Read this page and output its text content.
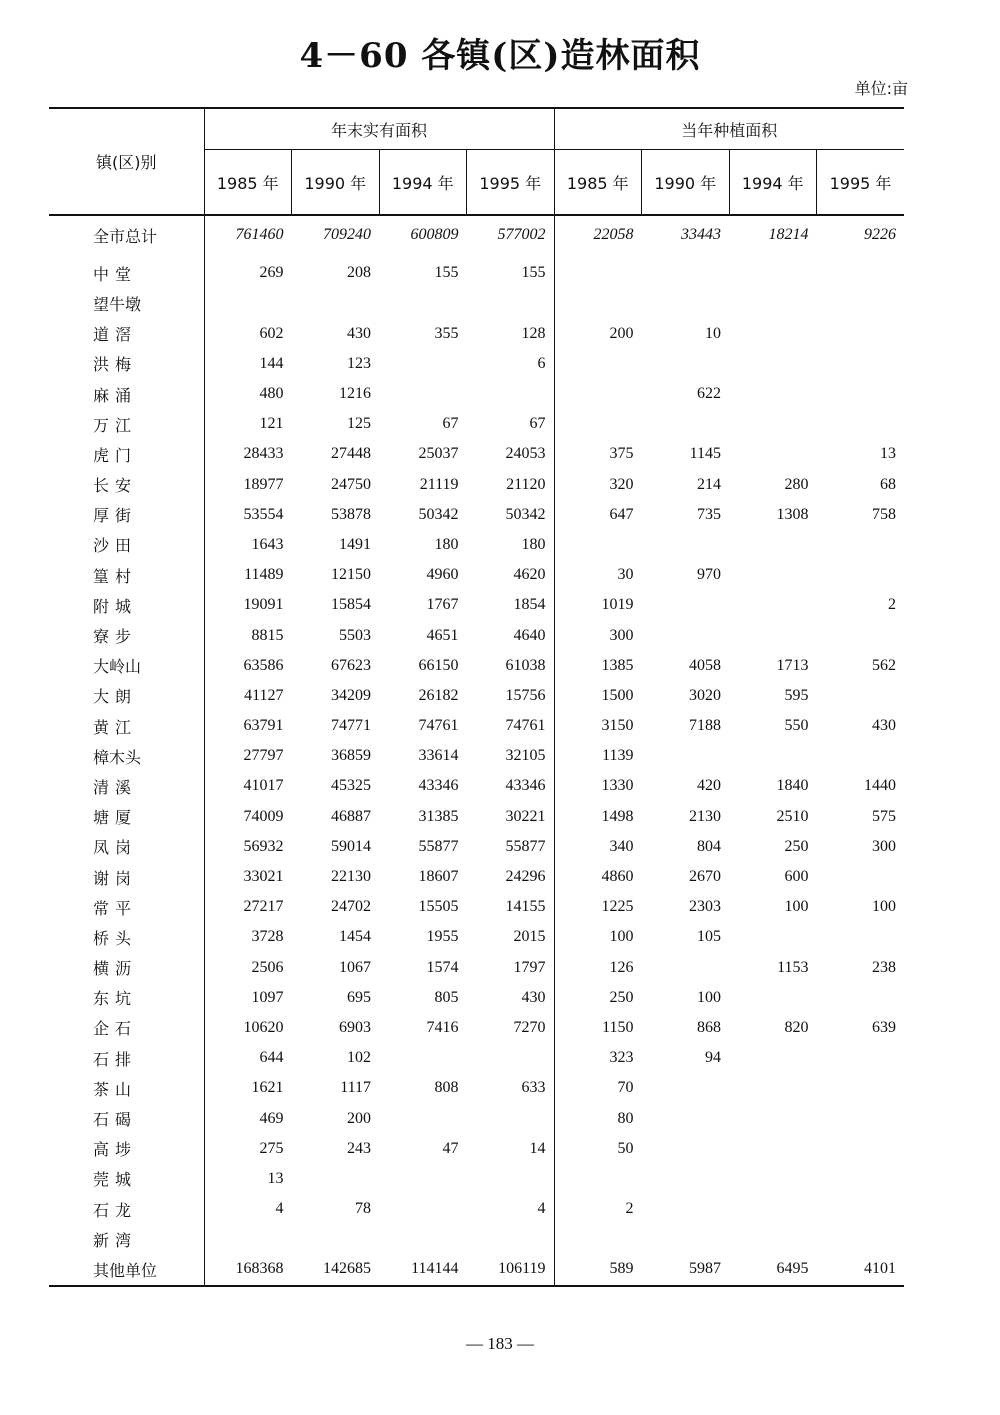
4－60 各镇(区)造林面积
单位:亩
镇(区)别	年末实有面积				当年种植面积			
	1985 年	1990 年	1994 年	1995 年	1985 年	1990 年	1994 年	1995 年
全市总计	761460	709240	600809	577002	22058	33443	18214	9226
中堂	269	208	155	155				
望牛墩								
道滘	602	430	355	128	200	10		
洪梅	144	123		6				
麻涌	480	1216				622		
万江	121	125	67	67				
虎门	28433	27448	25037	24053	375	1145		13
长安	18977	24750	21119	21120	320	214	280	68
厚街	53554	53878	50342	50342	647	735	1308	758
沙田	1643	1491	180	180				
篁村	11489	12150	4960	4620	30	970		
附城	19091	15854	1767	1854	1019			2
寮步	8815	5503	4651	4640	300			
大岭山	63586	67623	66150	61038	1385	4058	1713	562
大朗	41127	34209	26182	15756	1500	3020	595	
黄江	63791	74771	74761	74761	3150	7188	550	430
樟木头	27797	36859	33614	32105	1139			
清溪	41017	45325	43346	43346	1330	420	1840	1440
塘厦	74009	46887	31385	30221	1498	2130	2510	575
凤岗	56932	59014	55877	55877	340	804	250	300
谢岗	33021	22130	18607	24296	4860	2670	600	
常平	27217	24702	15505	14155	1225	2303	100	100
桥头	3728	1454	1955	2015	100	105		
横沥	2506	1067	1574	1797	126		1153	238
东坑	1097	695	805	430	250	100		
企石	10620	6903	7416	7270	1150	868	820	639
石排	644	102			323	94		
茶山	1621	1117	808	633	70			
石碣	469	200			80			
高埗	275	243	47	14	50			
莞城	13							
石龙	4	78		4	2			
新湾								
其他单位	168368	142685	114144	106119	589	5987	6495	4101
— 183 —
